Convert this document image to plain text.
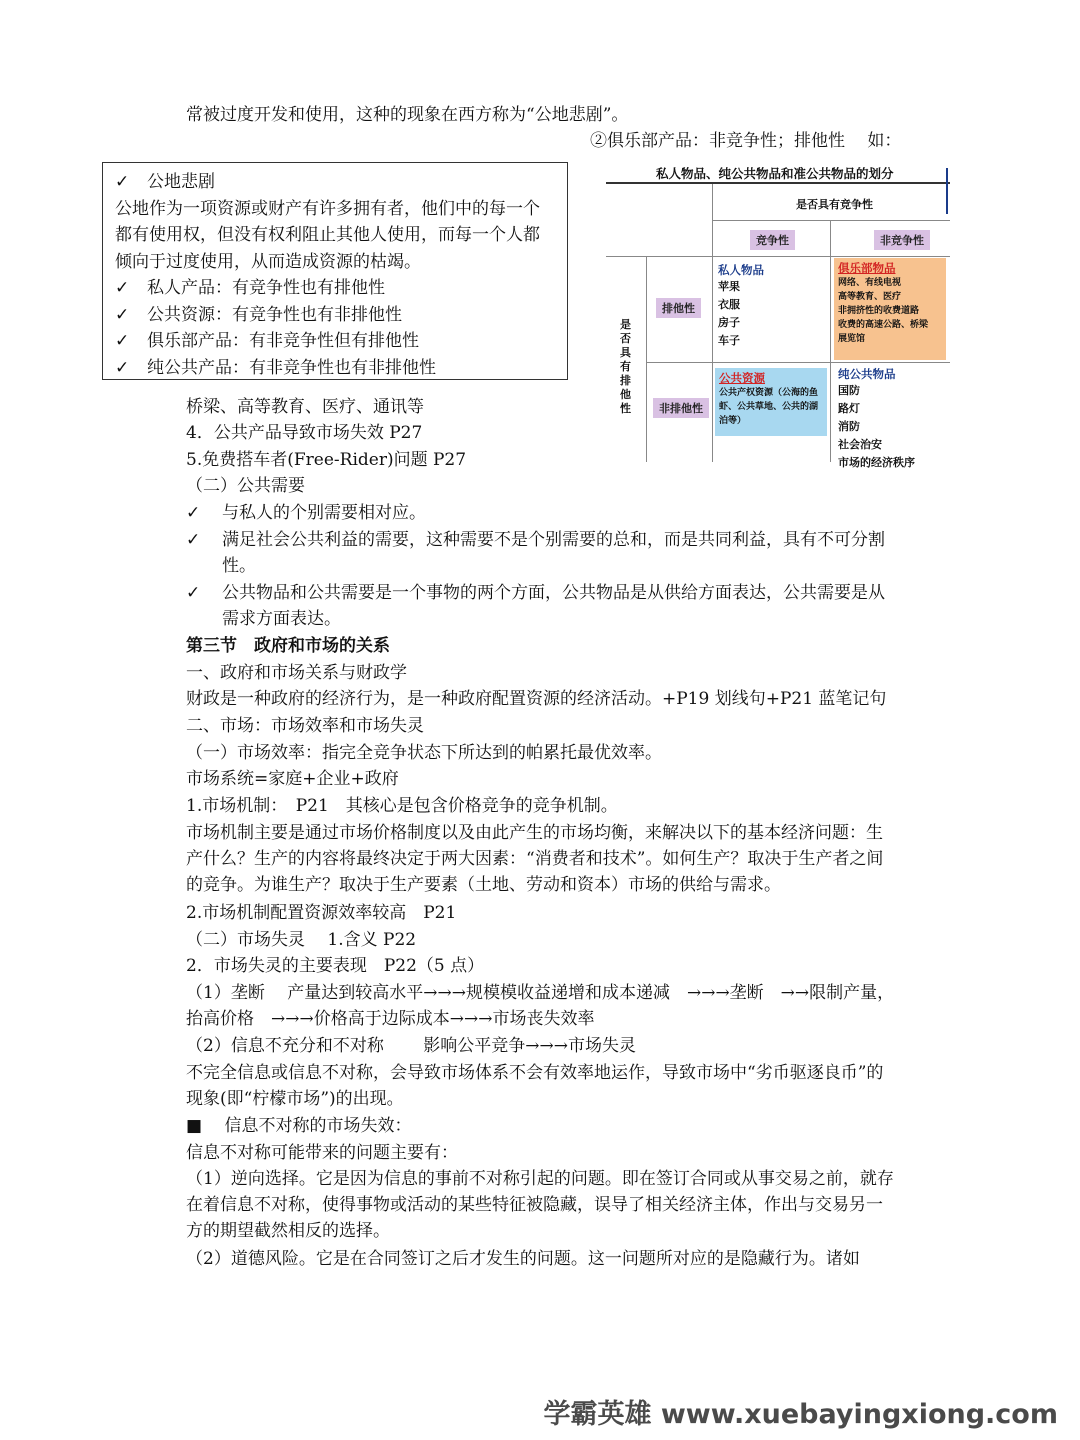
常被过度开发和使用，这种的现象在西方称为“公地悲剧”。
②俱乐部产品：非竞争性；排他性　 如：
✓ 公地悲剧
公地作为一项资源或财产有许多拥有者，他们中的每一个
都有使用权，但没有权利阻止其他人使用，而每一个人都
倾向于过度使用，从而造成资源的枯竭。
✓ 私人产品：有竞争性也有排他性
✓ 公共资源：有竞争性也有非排他性
✓ 俱乐部产品：有非竞争性但有排他性
✓ 纯公共产品：有非竞争性也有非排他性
私人物品、纯公共物品和准公共物品的划分
是否具有竞争性
竞争性	非竞争性
是否具有排他性
排他性
非排他性
私人物品
苹果
衣服
房子
车子
俱乐部物品
网络、有线电视
高等教育、医疗
非拥挤性的收费道路
收费的高速公路、桥梁
展览馆
公共资源
公共产权资源（公海的鱼虾、公共草地、公共的湖泊等）
纯公共物品
国防
路灯
消防
社会治安
市场的经济秩序
桥梁、高等教育、医疗、通讯等
4．公共产品导致市场失效 P27
5.免费搭车者(Free-Rider)问题 P27
（二）公共需要
✓ 与私人的个别需要相对应。
✓ 满足社会公共利益的需要，这种需要不是个别需要的总和，而是共同利益，具有不可分割性。
✓ 公共物品和公共需要是一个事物的两个方面，公共物品是从供给方面表达，公共需要是从需求方面表达。
第三节　政府和市场的关系
一、政府和市场关系与财政学
财政是一种政府的经济行为，是一种政府配置资源的经济活动。+P19 划线句+P21 蓝笔记句
二、市场：市场效率和市场失灵
（一）市场效率：指完全竞争状态下所达到的帕累托最优效率。
市场系统=家庭+企业+政府
1.市场机制：　P21　其核心是包含价格竞争的竞争机制。
市场机制主要是通过市场价格制度以及由此产生的市场均衡，来解决以下的基本经济问题：生产什么？生产的内容将最终决定于两大因素：“消费者和技术”。如何生产？取决于生产者之间的竞争。为谁生产？取决于生产要素（土地、劳动和资本）市场的供给与需求。
2.市场机制配置资源效率较高　P21
（二）市场失灵　 1.含义 P22
2．市场失灵的主要表现　P22（5 点）
（1）垄断　 产量达到较高水平→→→规模模收益递增和成本递减　→→→垄断　→→限制产量，抬高价格　→→→价格高于边际成本→→→市场丧失效率
（2）信息不充分和不对称　　 影响公平竞争→→→市场失灵
不完全信息或信息不对称，会导致市场体系不会有效率地运作，导致市场中“劣币驱逐良币”的现象(即“柠檬市场”)的出现。
■　 信息不对称的市场失效：
信息不对称可能带来的问题主要有：
（1）逆向选择。它是因为信息的事前不对称引起的问题。即在签订合同或从事交易之前，就存在着信息不对称，使得事物或活动的某些特征被隐藏，误导了相关经济主体，作出与交易另一方的期望截然相反的选择。
（2）道德风险。它是在合同签订之后才发生的问题。这一问题所对应的是隐藏行为。诸如
学霸英雄 www.xuebayingxiong.com
